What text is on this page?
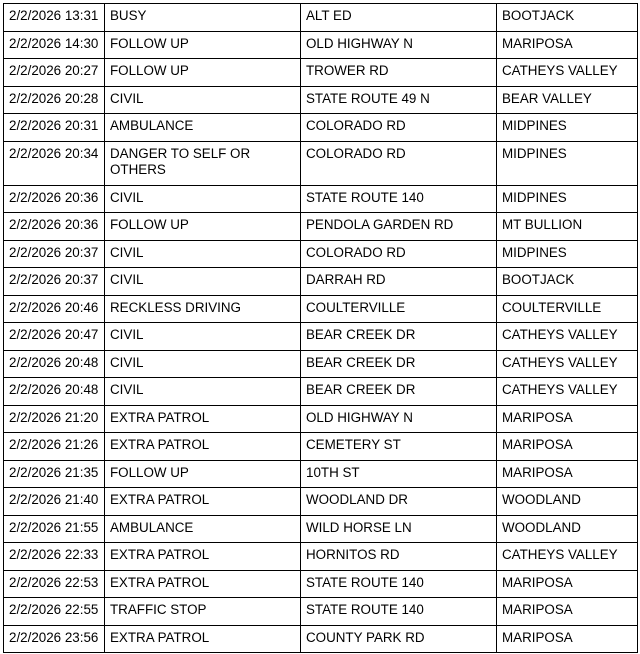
2/2/2026 13:31	BUSY	ALT ED	BOOTJACK
2/2/2026 14:30	FOLLOW UP	OLD HIGHWAY N	MARIPOSA
2/2/2026 20:27	FOLLOW UP	TROWER RD	CATHEYS VALLEY
2/2/2026 20:28	CIVIL	STATE ROUTE 49 N	BEAR VALLEY
2/2/2026 20:31	AMBULANCE	COLORADO RD	MIDPINES
2/2/2026 20:34	DANGER TO SELF OR OTHERS	COLORADO RD	MIDPINES
2/2/2026 20:36	CIVIL	STATE ROUTE 140	MIDPINES
2/2/2026 20:36	FOLLOW UP	PENDOLA GARDEN RD	MT BULLION
2/2/2026 20:37	CIVIL	COLORADO RD	MIDPINES
2/2/2026 20:37	CIVIL	DARRAH RD	BOOTJACK
2/2/2026 20:46	RECKLESS DRIVING	COULTERVILLE	COULTERVILLE
2/2/2026 20:47	CIVIL	BEAR CREEK DR	CATHEYS VALLEY
2/2/2026 20:48	CIVIL	BEAR CREEK DR	CATHEYS VALLEY
2/2/2026 20:48	CIVIL	BEAR CREEK DR	CATHEYS VALLEY
2/2/2026 21:20	EXTRA PATROL	OLD HIGHWAY N	MARIPOSA
2/2/2026 21:26	EXTRA PATROL	CEMETERY ST	MARIPOSA
2/2/2026 21:35	FOLLOW UP	10TH ST	MARIPOSA
2/2/2026 21:40	EXTRA PATROL	WOODLAND DR	WOODLAND
2/2/2026 21:55	AMBULANCE	WILD HORSE LN	WOODLAND
2/2/2026 22:33	EXTRA PATROL	HORNITOS RD	CATHEYS VALLEY
2/2/2026 22:53	EXTRA PATROL	STATE ROUTE 140	MARIPOSA
2/2/2026 22:55	TRAFFIC STOP	STATE ROUTE 140	MARIPOSA
2/2/2026 23:56	EXTRA PATROL	COUNTY PARK RD	MARIPOSA
